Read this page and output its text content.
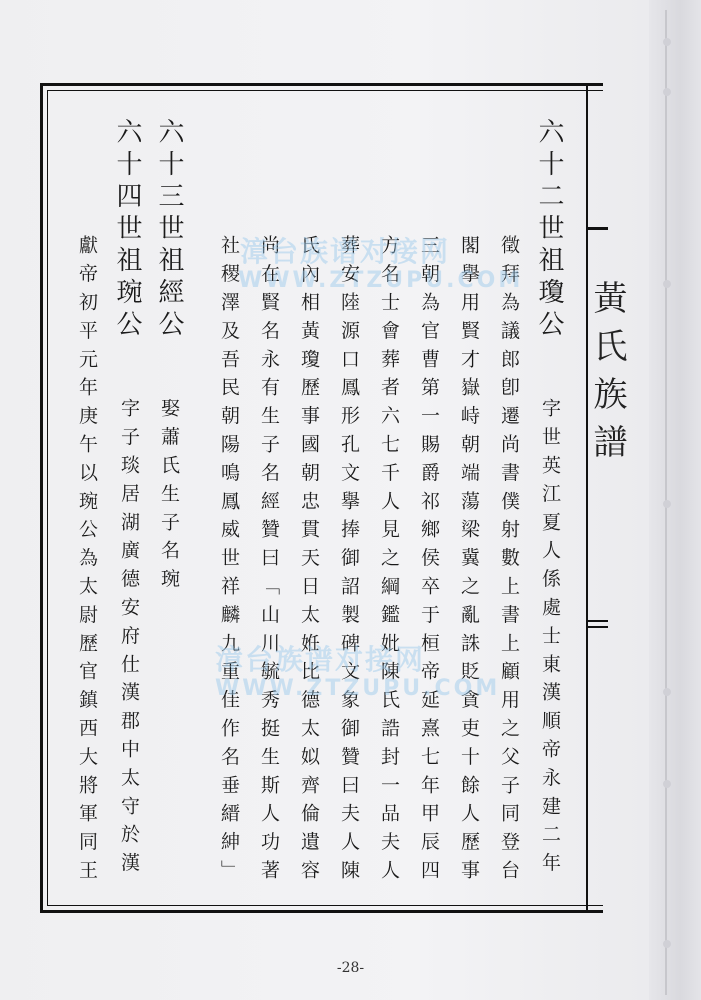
黃氏族譜
六十二世祖瓊公
字世英江夏人係處士東漢順帝永建二年
徵拜為議郎卽遷尚書僕射數上書上顧用之父子同登台
閣擧用賢才嶽峙朝端蕩梁冀之亂誅貶貪吏十餘人歷事
三朝為官曹第一賜爵祁鄉侯卒于桓帝延熹七年甲辰四
方名士會葬者六七千人見之綱鑑妣陳氏誥封一品夫人
葬安陸源口鳳形孔文擧捧御詔製碑文象御贊曰夫人陳
氏內相黃瓊歷事國朝忠貫天日太姙比德太姒齊倫遺容
尚在賢名永有生子名經贊曰「山川毓秀挺生斯人功著
社稷澤及吾民朝陽鳴鳳威世祥麟九重佳作名垂縉紳」
六十三世祖經公
娶蕭氏生子名琬
六十四世祖琬公
字子琰居湖廣德安府仕漢郡中太守於漢
獻帝初平元年庚午以琬公為太尉歷官鎮西大將軍同王	漳台族谱对接网
WWW.ZTZUPU.COM
漳台族谱对接网
WWW.ZTZUPU.COM
-28-
